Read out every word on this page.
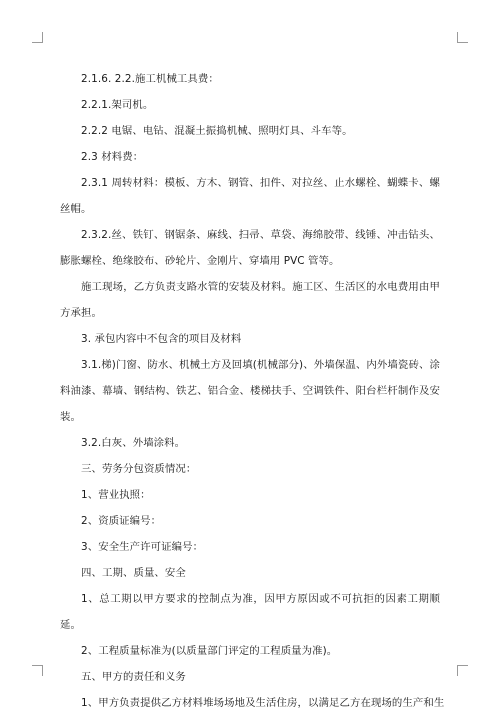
2.1.6. 2.2.施工机械工具费：

2.2.1.架司机。

2.2.2 电锯、电钻、混凝土振捣机械、照明灯具、斗车等。

2.3 材料费：

2.3.1 周转材料：模板、方木、钢管、扣件、对拉丝、止水螺栓、蝴蝶卡、螺丝帽。

2.3.2.丝、铁钉、钢锯条、麻线、扫帚、草袋、海绵胶带、线锤、冲击钻头、膨胀螺栓、绝缘胶布、砂轮片、金刚片、穿墙用 PVC 管等。

施工现场，乙方负责支路水管的安装及材料。施工区、生活区的水电费用由甲方承担。

3. 承包内容中不包含的项目及材料

3.1.梯)门窗、防水、机械土方及回填(机械部分)、外墙保温、内外墙瓷砖、涂料油漆、幕墙、钢结构、铁艺、铝合金、楼梯扶手、空调铁件、阳台栏杆制作及安装。

3.2.白灰、外墙涂料。

三、劳务分包资质情况：

1、营业执照：

2、资质证编号：

3、安全生产许可证编号：

四、工期、质量、安全

1、总工期以甲方要求的控制点为准，因甲方原因或不可抗拒的因素工期顺延。

2、工程质量标准为(以质量部门评定的工程质量为准)。

五、甲方的责任和义务

1、甲方负责提供乙方材料堆场场地及生活住房，以满足乙方在现场的生产和生
